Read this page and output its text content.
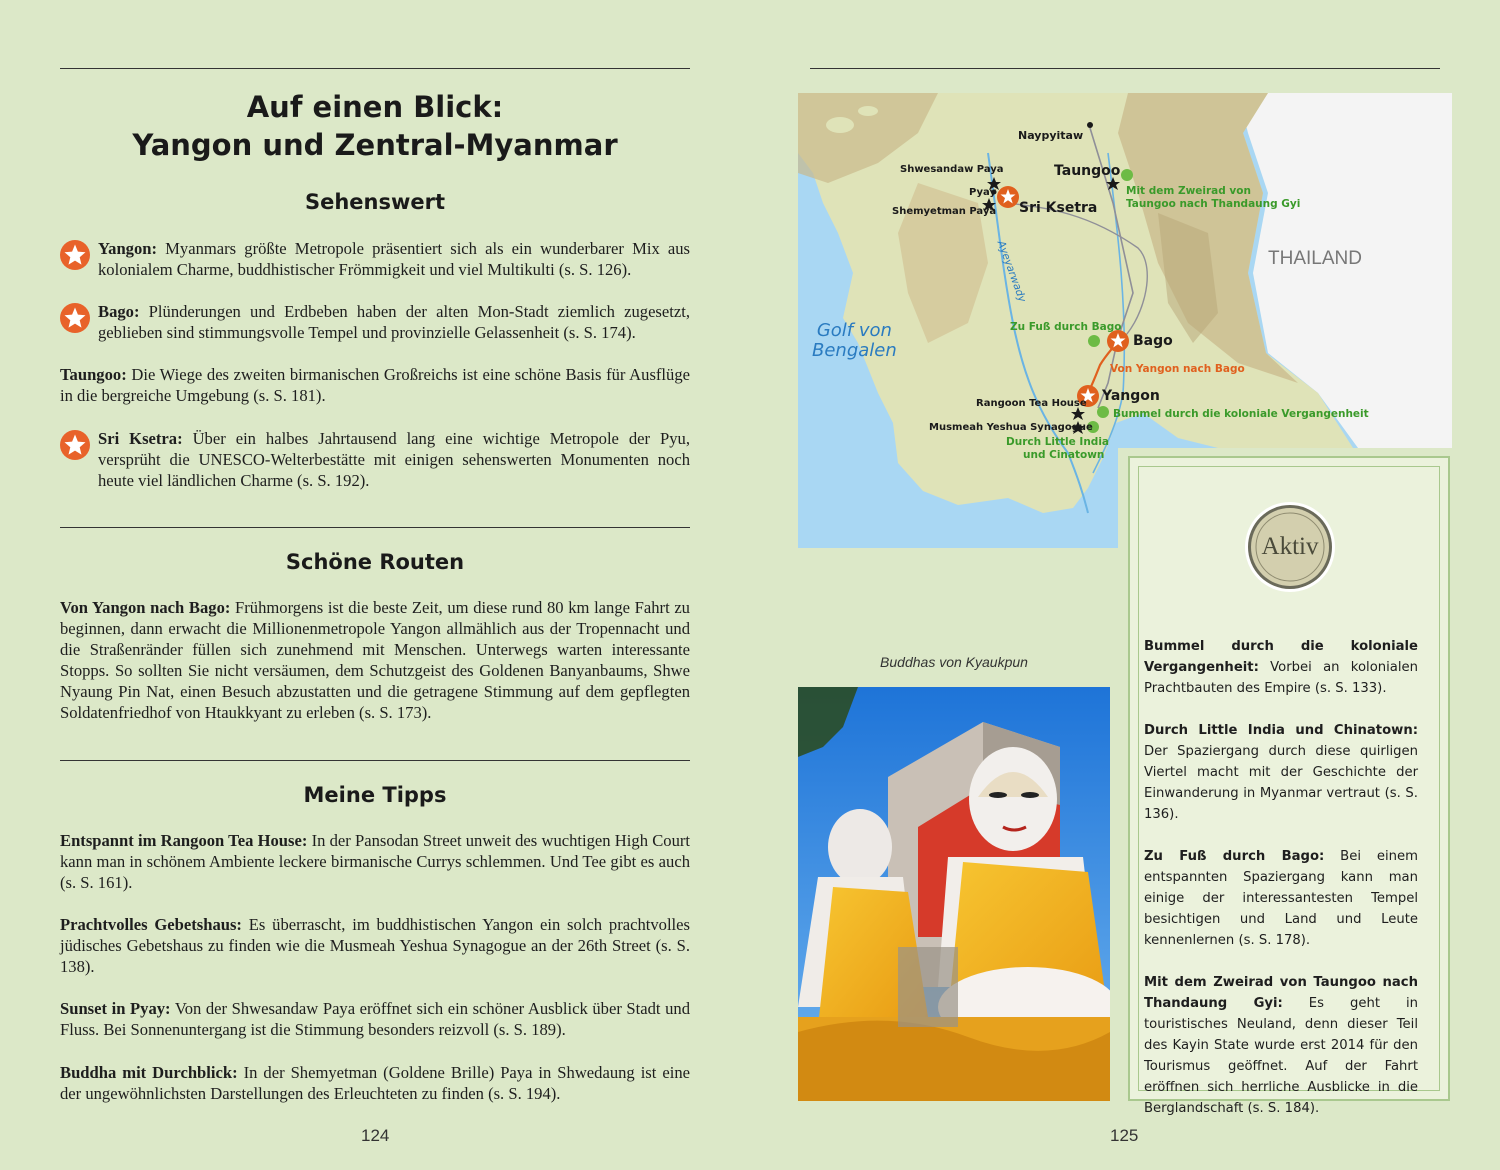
Auf einen Blick:
Yangon und Zentral-Myanmar
Sehenswert
Yangon: Myanmars größte Metropole präsentiert sich als ein wunderbarer Mix aus kolonialem Charme, buddhistischer Frömmigkeit und viel Multikulti (s. S. 126).
Bago: Plünderungen und Erdbeben haben der alten Mon-Stadt ziemlich zugesetzt, geblieben sind stimmungsvolle Tempel und provinzielle Gelassenheit (s. S. 174).
Taungoo: Die Wiege des zweiten birmanischen Großreichs ist eine schöne Basis für Ausflüge in die bergreiche Umgebung (s. S. 181).
Sri Ksetra: Über ein halbes Jahrtausend lang eine wichtige Metropole der Pyu, versprüht die UNESCO-Welterbestätte mit einigen sehenswerten Monumenten noch heute viel ländlichen Charme (s. S. 192).
Schöne Routen
Von Yangon nach Bago: Frühmorgens ist die beste Zeit, um diese rund 80 km lange Fahrt zu beginnen, dann erwacht die Millionenmetropole Yangon allmählich aus der Tropennacht und die Straßenränder füllen sich zunehmend mit Menschen. Unterwegs warten interessante Stopps. So sollten Sie nicht versäumen, dem Schutzgeist des Goldenen Banyanbaums, Shwe Nyaung Pin Nat, einen Besuch abzustatten und die getragene Stimmung auf dem gepflegten Soldatenfriedhof von Htaukkyant zu erleben (s. S. 173).
Meine Tipps
Entspannt im Rangoon Tea House: In der Pansodan Street unweit des wuchtigen High Court kann man in schönem Ambiente leckere birmanische Currys schlemmen. Und Tee gibt es auch (s. S. 161).
Prachtvolles Gebetshaus: Es überrascht, im buddhistischen Yangon ein solch prachtvolles jüdisches Gebetshaus zu finden wie die Musmeah Yeshua Synagogue an der 26th Street (s. S. 138).
Sunset in Pyay: Von der Shwesandaw Paya eröffnet sich ein schöner Ausblick über Stadt und Fluss. Bei Sonnenuntergang ist die Stimmung besonders reizvoll (s. S. 189).
Buddha mit Durchblick: In der Shemyetman (Goldene Brille) Paya in Shwedaung ist eine der ungewöhnlichsten Darstellungen des Erleuchteten zu finden (s. S. 194).
124
Naypyitaw
Taungoo
Shwesandaw Paya
Pyay
Shemyetman Paya Sri Ksetra
Mit dem Zweirad von
Taungoo nach Thandaung Gyi
THAILAND
Ayeyarwady
Golf von
Bengalen
Zu Fuß durch Bago
Bago
Von Yangon nach Bago
Yangon
Rangoon Tea House
Bummel durch die koloniale Vergangenheit
Musmeah Yeshua Synagogue
Durch Little India
und Cinatown
Buddhas von Kyaukpun
Aktiv

Bummel durch die koloniale Vergangenheit: Vorbei an kolonialen Prachtbauten des Empire (s. S. 133).

Durch Little India und Chinatown: Der Spaziergang durch diese quirligen Viertel macht mit der Geschichte der Einwanderung in Myanmar vertraut (s. S. 136).

Zu Fuß durch Bago: Bei einem entspannten Spaziergang kann man einige der interessantesten Tempel besichtigen und Land und Leute kennenlernen (s. S. 178).

Mit dem Zweirad von Taungoo nach Thandaung Gyi: Es geht in touristisches Neuland, denn dieser Teil des Kayin State wurde erst 2014 für den Tourismus geöffnet. Auf der Fahrt eröffnen sich herrliche Ausblicke in die Berglandschaft (s. S. 184).

125
